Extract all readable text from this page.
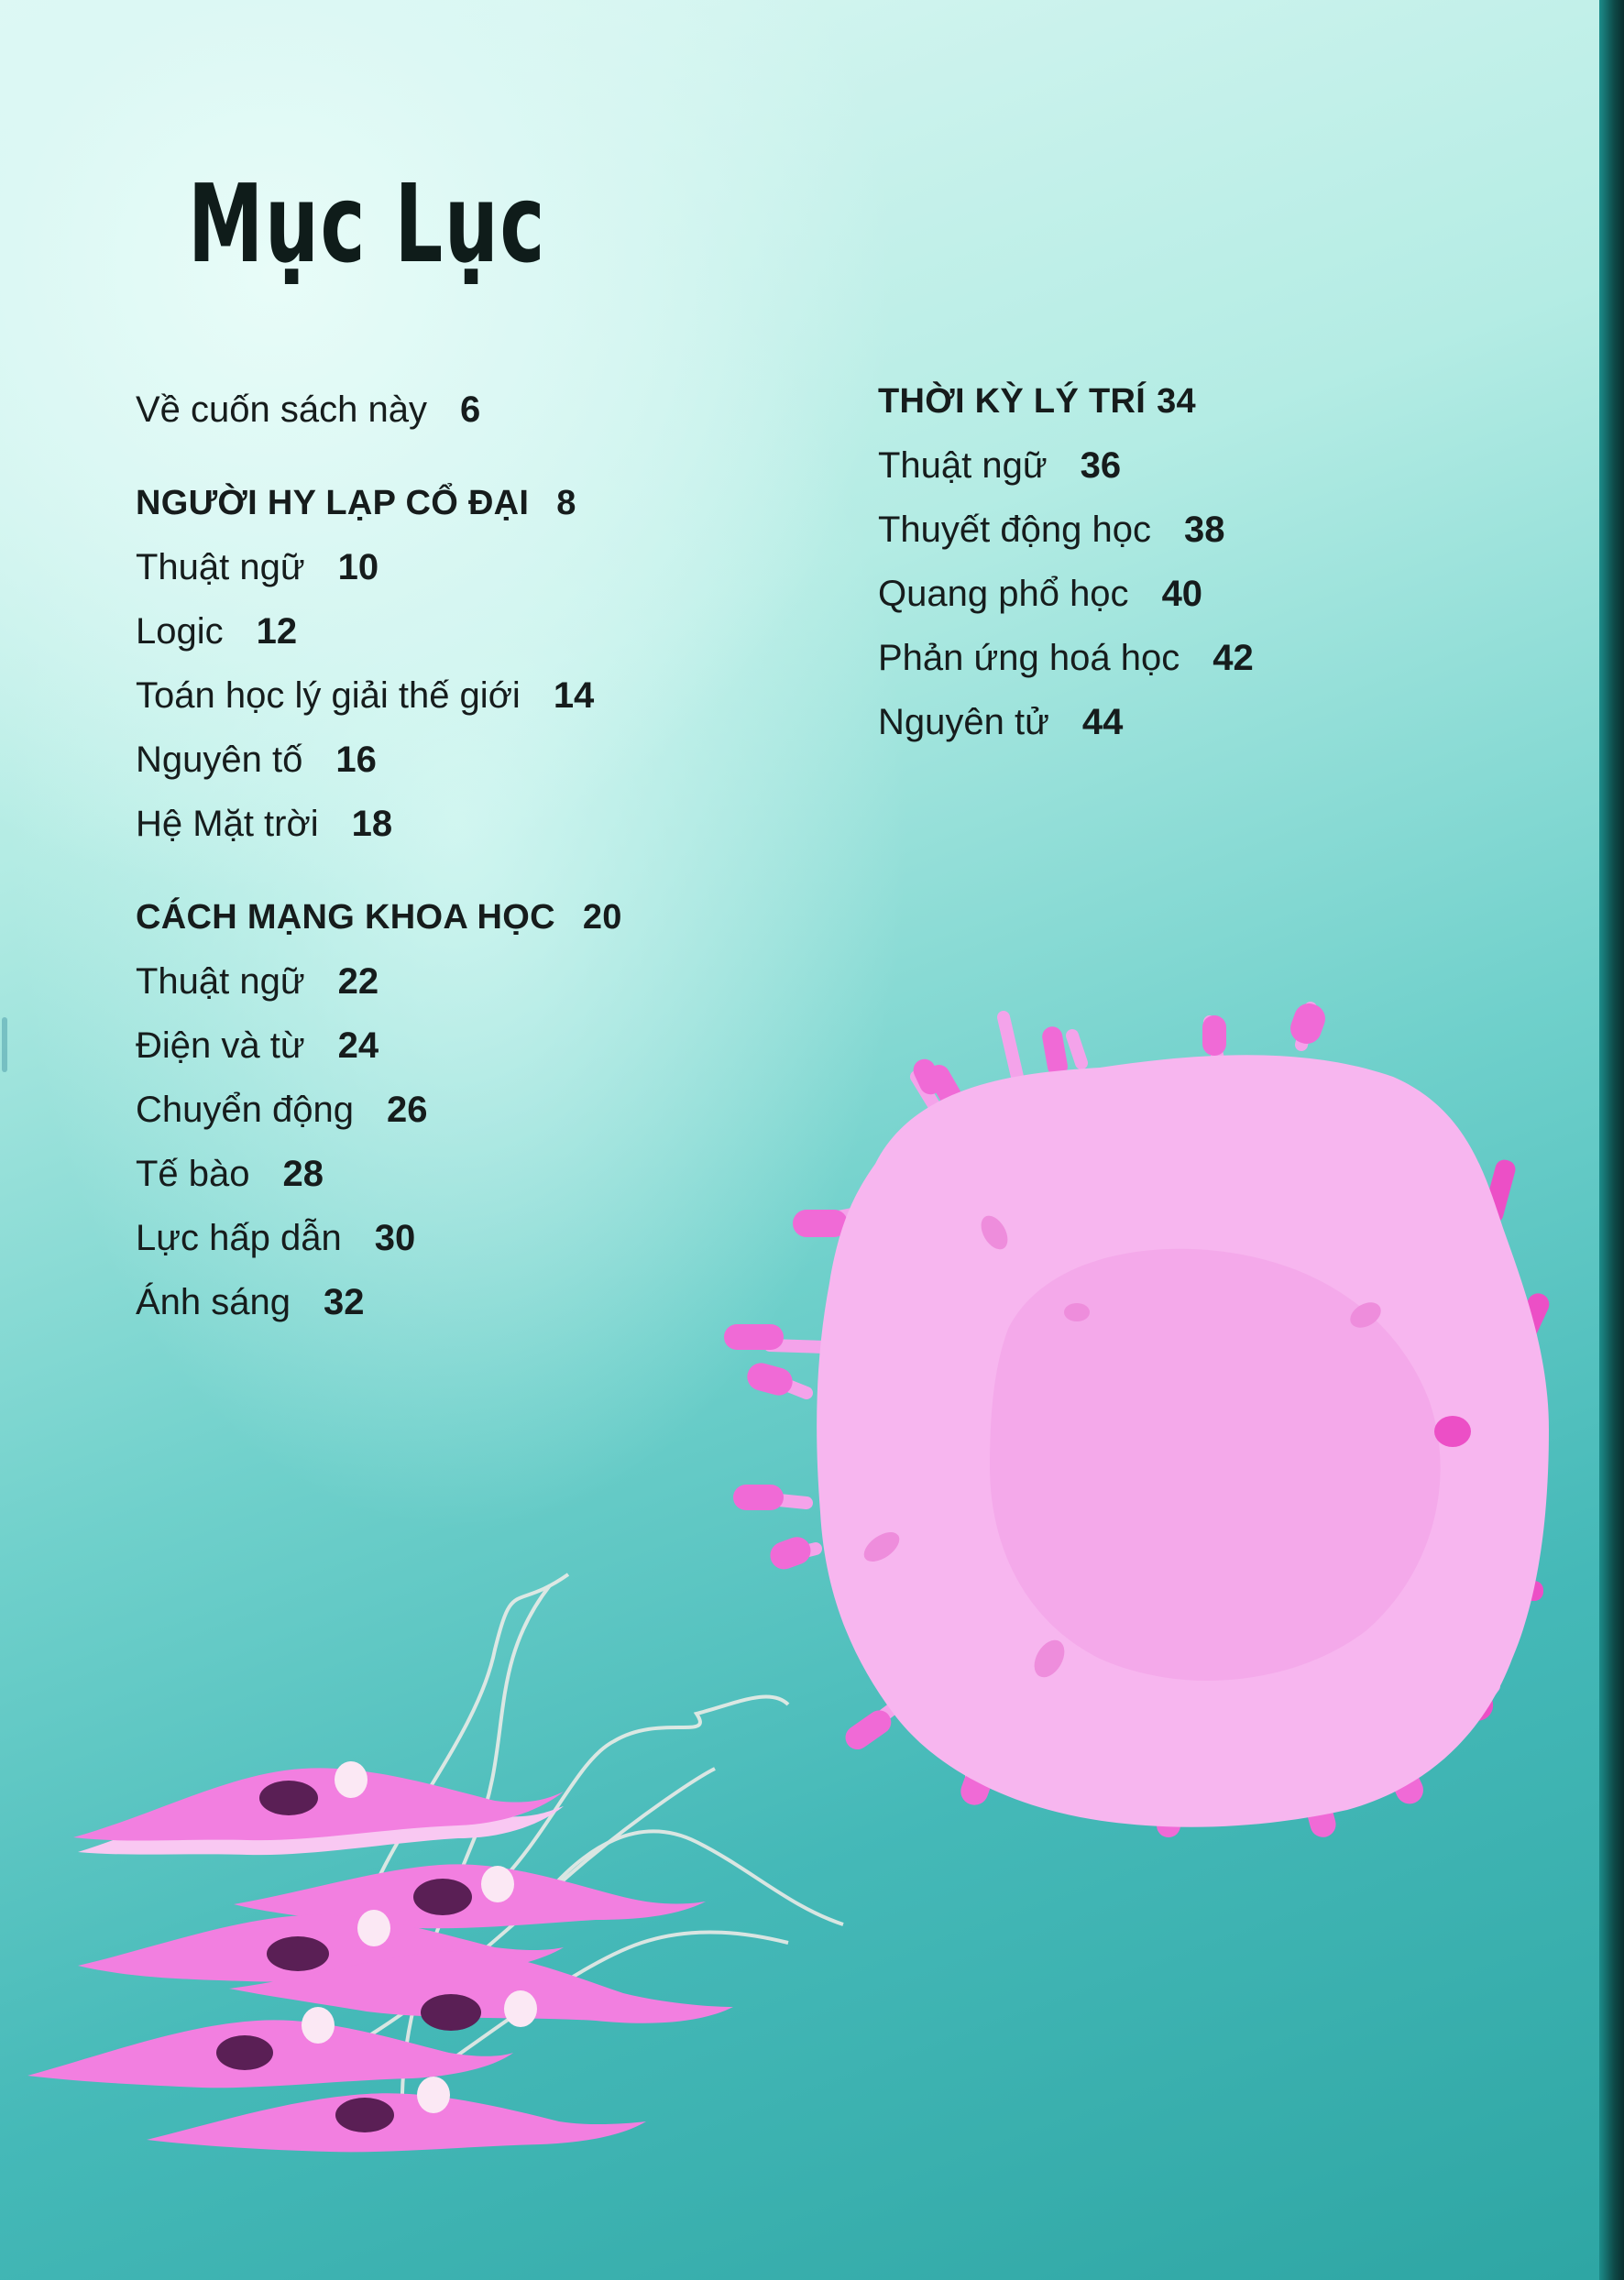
Mục Lục
Về cuốn sách này 6
NGƯỜI HY LẠP CỔ ĐẠI 8
Thuật ngữ 10
Logic 12
Toán học lý giải thế giới 14
Nguyên tố 16
Hệ Mặt trời 18
CÁCH MẠNG KHOA HỌC 20
Thuật ngữ 22
Điện và từ 24
Chuyển động 26
Tế bào 28
Lực hấp dẫn 30
Ánh sáng 32
THỜI KỲ LÝ TRÍ 34
Thuật ngữ 36
Thuyết động học 38
Quang phổ học 40
Phản ứng hoá học 42
Nguyên tử 44
